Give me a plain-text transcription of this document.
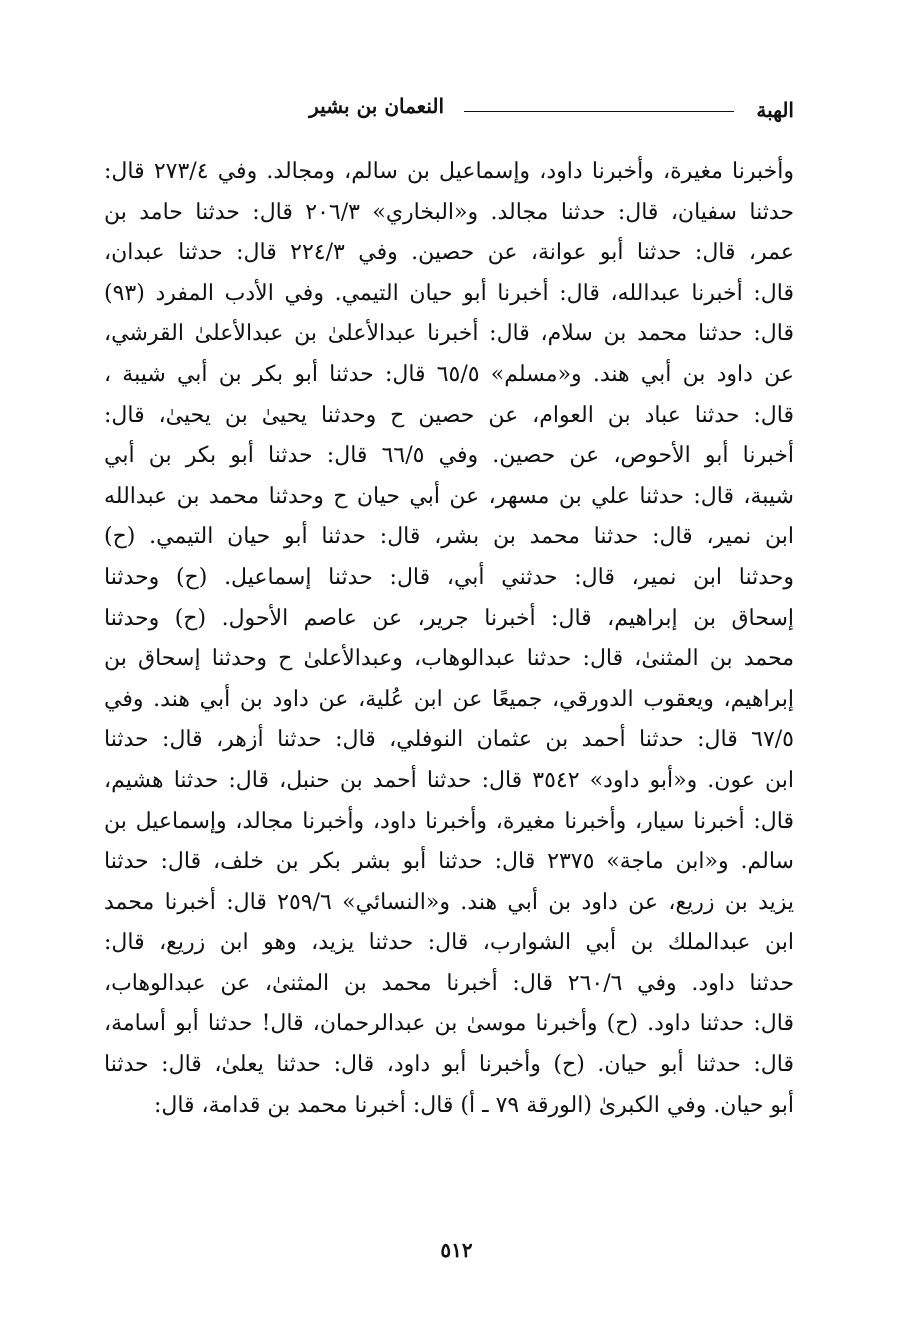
الهبة
النعمان بن بشير
وأخبرنا مغيرة، وأخبرنا داود، وإسماعيل بن سالم، ومجالد. وفي ٢٧٣/٤ قال:
حدثنا سفيان، قال: حدثنا مجالد. و«البخاري» ٢٠٦/٣ قال: حدثنا حامد بن
عمر، قال: حدثنا أبو عوانة، عن حصين. وفي ٢٢٤/٣ قال: حدثنا عبدان،
قال: أخبرنا عبدالله، قال: أخبرنا أبو حيان التيمي. وفي الأدب المفرد (٩٣)
قال: حدثنا محمد بن سلام، قال: أخبرنا عبدالأعلىٰ بن عبدالأعلىٰ القرشي،
عن داود بن أبي هند. و«مسلم» ٦٥/٥ قال: حدثنا أبو بكر بن أبي شيبة ،
قال: حدثنا عباد بن العوام، عن حصين ح وحدثنا يحيىٰ بن يحيىٰ، قال:
أخبرنا أبو الأحوص، عن حصين. وفي ٦٦/٥ قال: حدثنا أبو بكر بن أبي
شيبة، قال: حدثنا علي بن مسهر، عن أبي حيان ح وحدثنا محمد بن عبدالله
ابن نمير، قال: حدثنا محمد بن بشر، قال: حدثنا أبو حيان التيمي. (ح)
وحدثنا ابن نمير، قال: حدثني أبي، قال: حدثنا إسماعيل. (ح) وحدثنا
إسحاق بن إبراهيم، قال: أخبرنا جرير، عن عاصم الأحول. (ح) وحدثنا
محمد بن المثنىٰ، قال: حدثنا عبدالوهاب، وعبدالأعلىٰ ح وحدثنا إسحاق بن
إبراهيم، ويعقوب الدورقي، جميعًا عن ابن عُلية، عن داود بن أبي هند. وفي
٦٧/٥ قال: حدثنا أحمد بن عثمان النوفلي، قال: حدثنا أزهر، قال: حدثنا
ابن عون. و«أبو داود» ٣٥٤٢ قال: حدثنا أحمد بن حنبل، قال: حدثنا هشيم،
قال: أخبرنا سيار، وأخبرنا مغيرة، وأخبرنا داود، وأخبرنا مجالد، وإسماعيل بن
سالم. و«ابن ماجة» ٢٣٧٥ قال: حدثنا أبو بشر بكر بن خلف، قال: حدثنا
يزيد بن زريع، عن داود بن أبي هند. و«النسائي» ٢٥٩/٦ قال: أخبرنا محمد
ابن عبدالملك بن أبي الشوارب، قال: حدثنا يزيد، وهو ابن زريع، قال:
حدثنا داود. وفي ٢٦٠/٦ قال: أخبرنا محمد بن المثنىٰ، عن عبدالوهاب،
قال: حدثنا داود. (ح) وأخبرنا موسىٰ بن عبدالرحمان، قال! حدثنا أبو أسامة،
قال: حدثنا أبو حيان. (ح) وأخبرنا أبو داود، قال: حدثنا يعلىٰ، قال: حدثنا
أبو حيان. وفي الكبرىٰ (الورقة ٧٩ ـ أ) قال: أخبرنا محمد بن قدامة، قال:
٥١٢
